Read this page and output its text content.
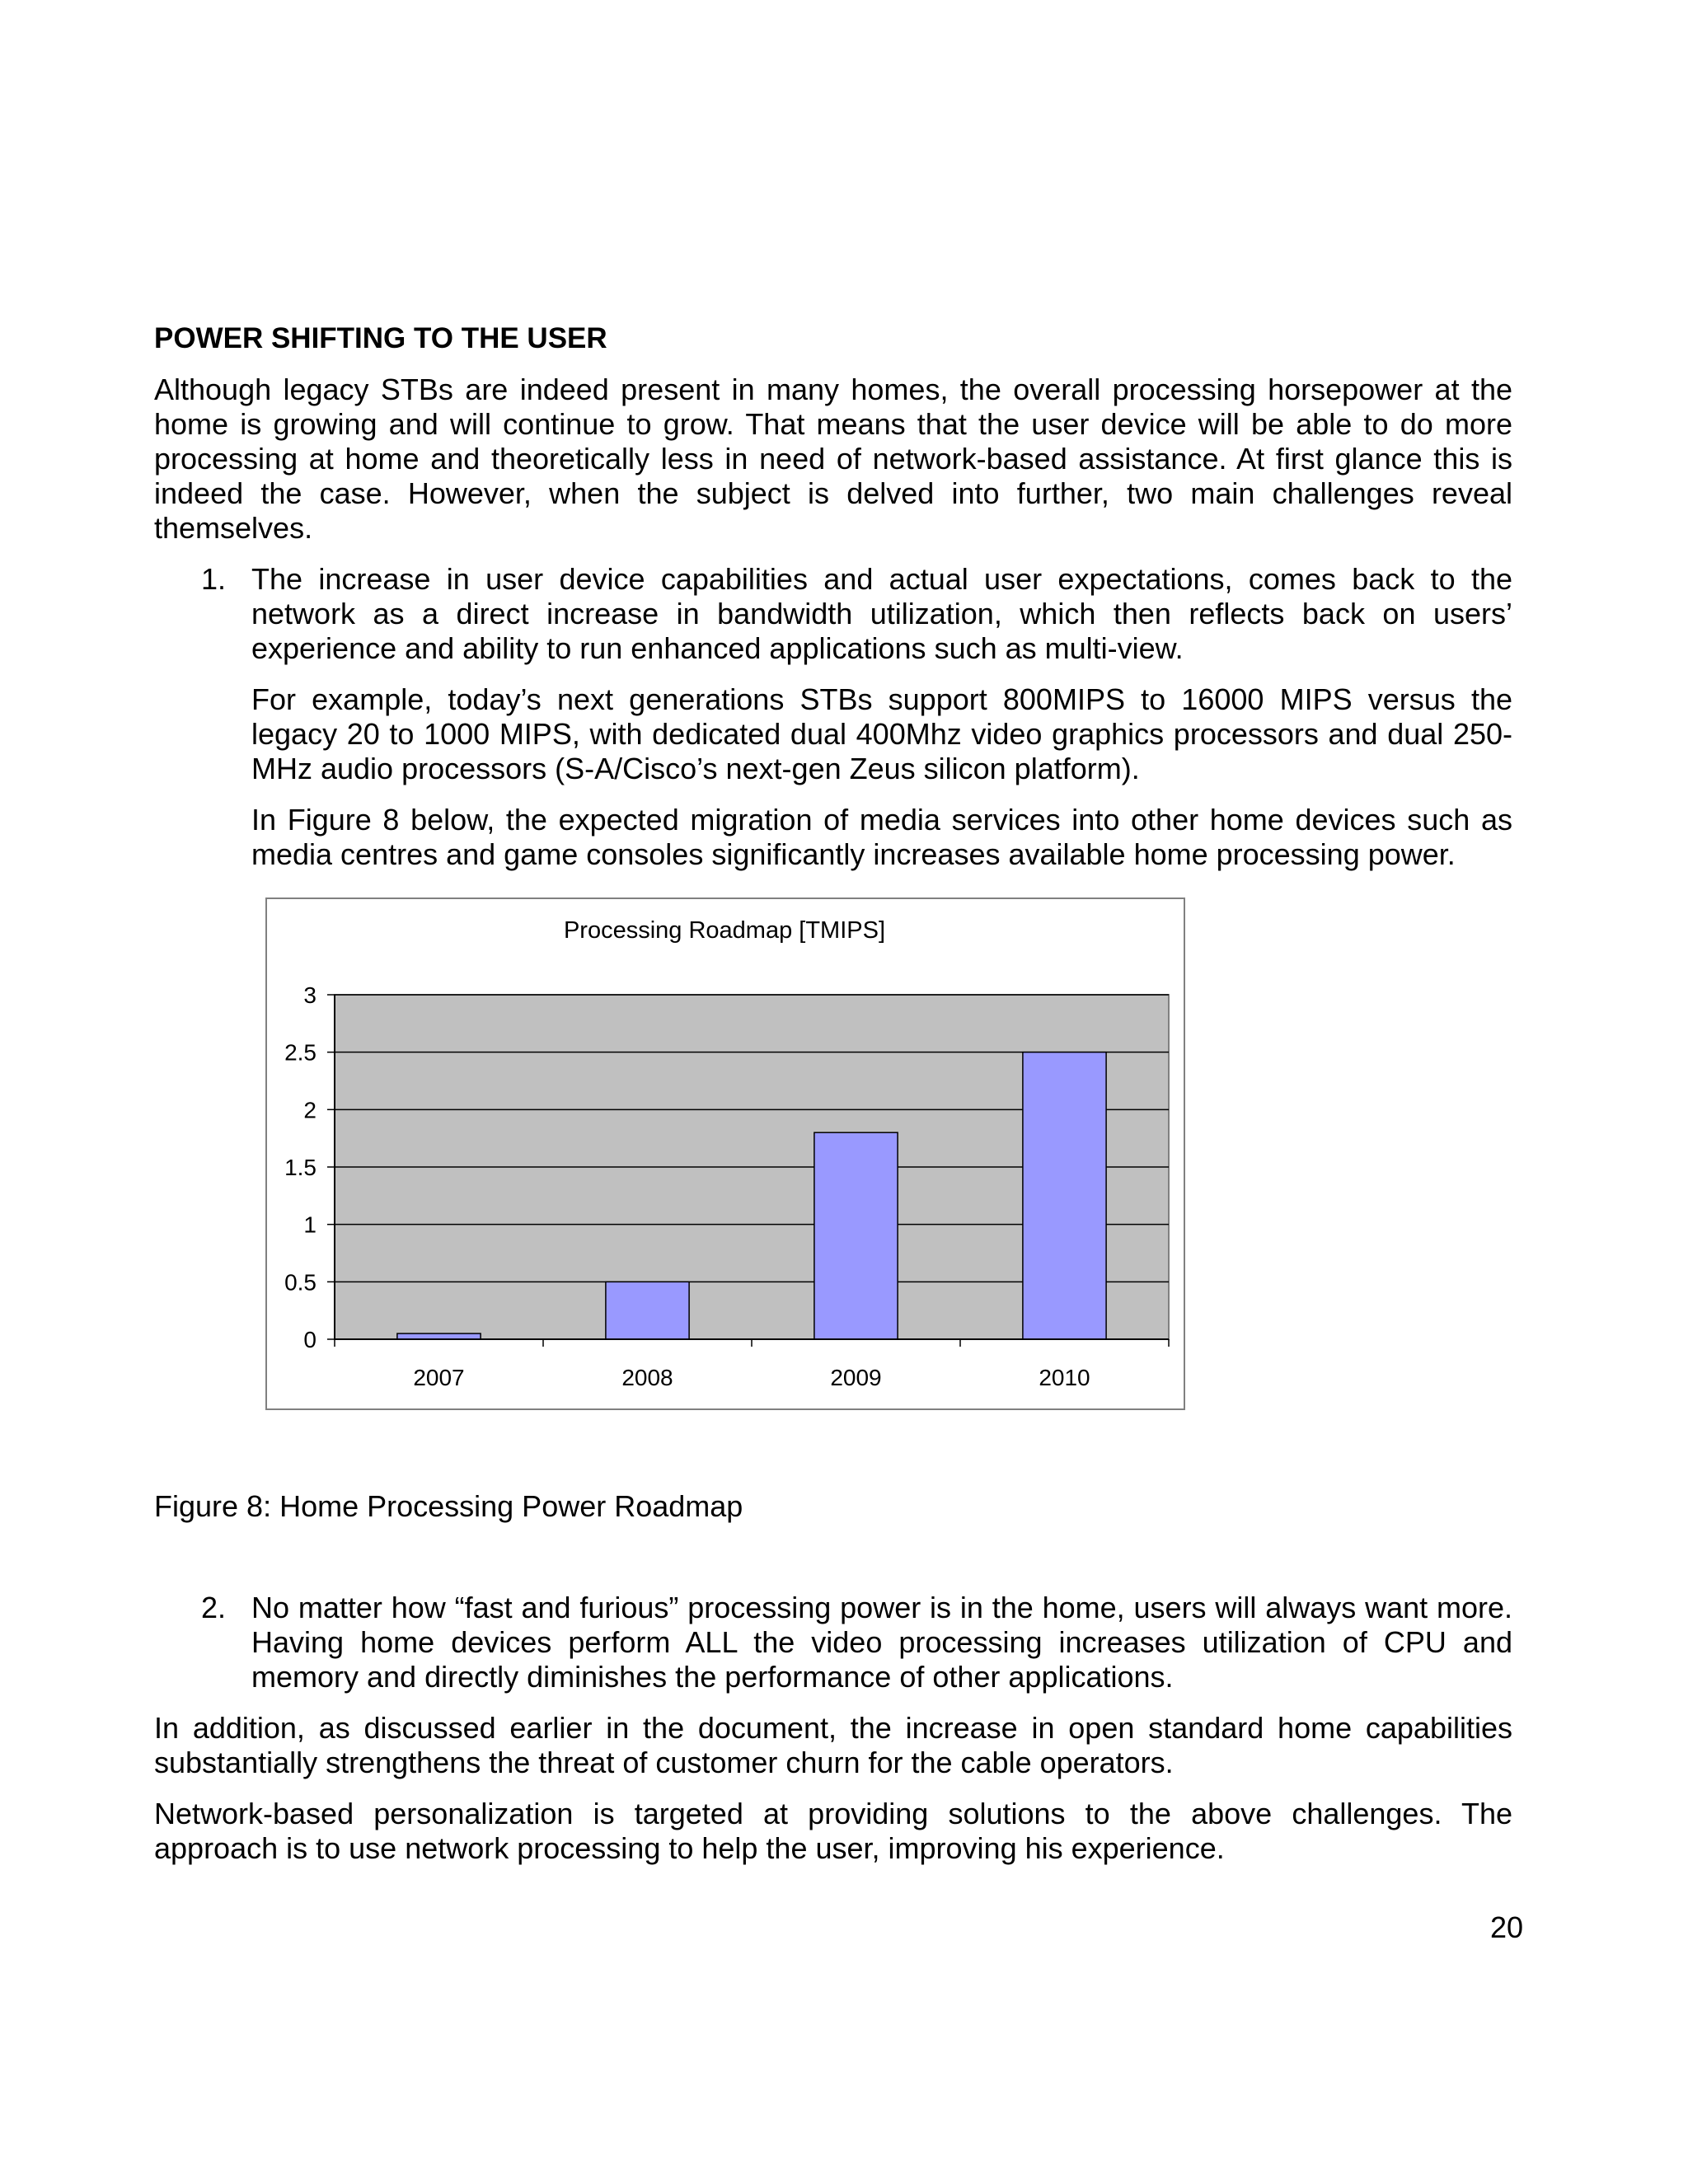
POWER SHIFTING TO THE USER

Although legacy STBs are indeed present in many homes, the overall processing horsepower at the home is growing and will continue to grow. That means that the user device will be able to do more processing at home and theoretically less in need of network-based assistance. At first glance this is indeed the case. However, when the subject is delved into further, two main challenges reveal themselves.

1. The increase in user device capabilities and actual user expectations, comes back to the network as a direct increase in bandwidth utilization, which then reflects back on users’ experience and ability to run enhanced applications such as multi-view.

For example, today’s next generations STBs support 800MIPS to 16000 MIPS versus the legacy 20 to 1000 MIPS, with dedicated dual 400Mhz video graphics processors and dual 250-MHz audio processors (S-A/Cisco’s next-gen Zeus silicon platform).

In Figure 8 below, the expected migration of media services into other home devices such as media centres and game consoles significantly increases available home processing power.

Processing Roadmap [TMIPS]
0
0.5
1
1.5
2
2.5
3
2007	2008	2009	2010
Figure 8: Home Processing Power Roadmap
2. No matter how “fast and furious” processing power is in the home, users will always want more. Having home devices perform ALL the video processing increases utilization of CPU and memory and directly diminishes the performance of other applications.

In addition, as discussed earlier in the document, the increase in open standard home capabilities substantially strengthens the threat of customer churn for the cable operators.

Network-based personalization is targeted at providing solutions to the above challenges. The approach is to use network processing to help the user, improving his experience.

20
